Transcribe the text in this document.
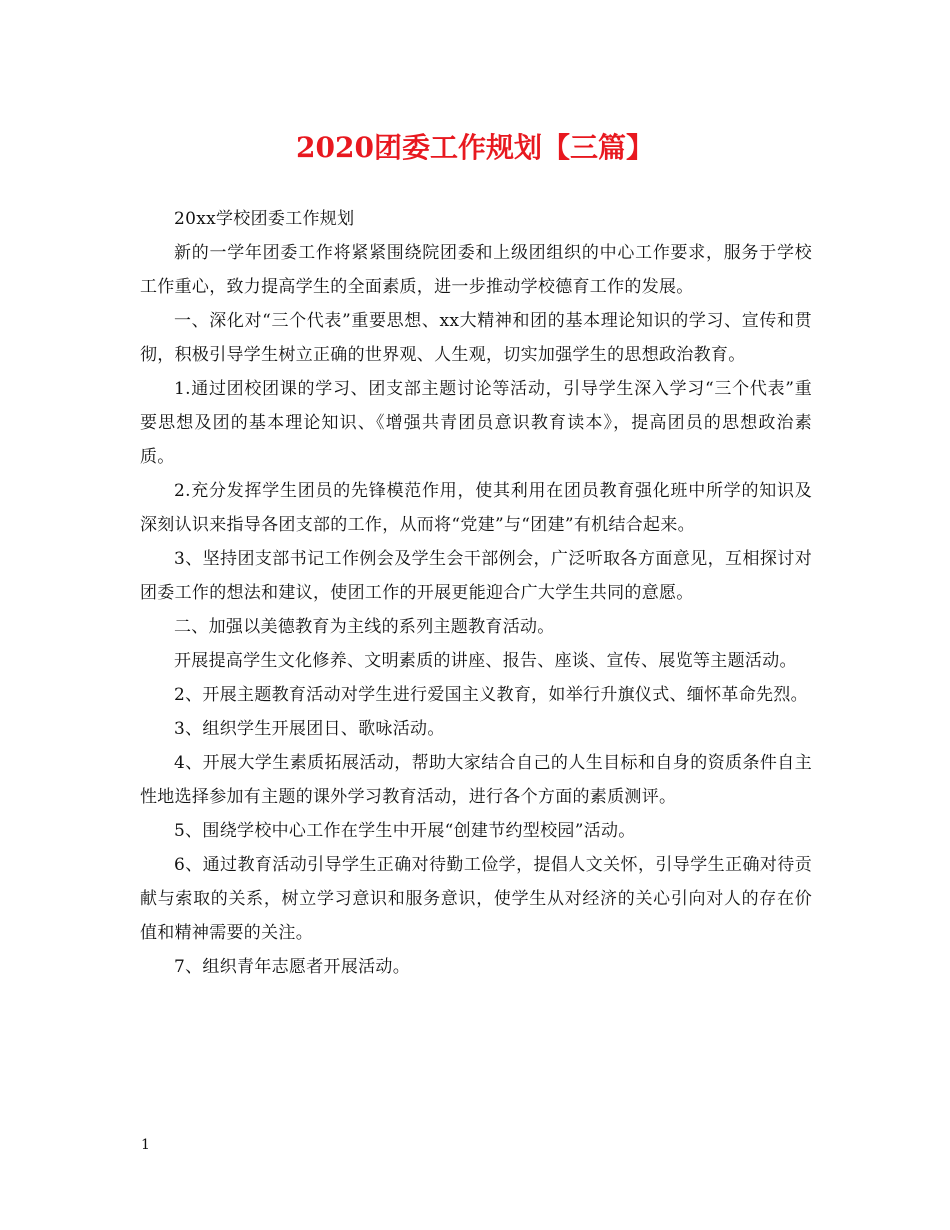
2020团委工作规划【三篇】

20xx学校团委工作规划

新的一学年团委工作将紧紧围绕院团委和上级团组织的中心工作要求，服务于学校工作重心，致力提高学生的全面素质，进一步推动学校德育工作的发展。

一、深化对“三个代表”重要思想、xx大精神和团的基本理论知识的学习、宣传和贯彻，积极引导学生树立正确的世界观、人生观，切实加强学生的思想政治教育。

1.通过团校团课的学习、团支部主题讨论等活动，引导学生深入学习“三个代表”重要思想及团的基本理论知识、《增强共青团员意识教育读本》，提高团员的思想政治素质。

2.充分发挥学生团员的先锋模范作用，使其利用在团员教育强化班中所学的知识及深刻认识来指导各团支部的工作，从而将“党建”与“团建”有机结合起来。

3、坚持团支部书记工作例会及学生会干部例会，广泛听取各方面意见，互相探讨对团委工作的想法和建议，使团工作的开展更能迎合广大学生共同的意愿。

二、加强以美德教育为主线的系列主题教育活动。

开展提高学生文化修养、文明素质的讲座、报告、座谈、宣传、展览等主题活动。

2、开展主题教育活动对学生进行爱国主义教育，如举行升旗仪式、缅怀革命先烈。

3、组织学生开展团日、歌咏活动。

4、开展大学生素质拓展活动，帮助大家结合自己的人生目标和自身的资质条件自主性地选择参加有主题的课外学习教育活动，进行各个方面的素质测评。

5、围绕学校中心工作在学生中开展“创建节约型校园”活动。

6、通过教育活动引导学生正确对待勤工俭学，提倡人文关怀，引导学生正确对待贡献与索取的关系，树立学习意识和服务意识，使学生从对经济的关心引向对人的存在价值和精神需要的关注。

7、组织青年志愿者开展活动。

1
